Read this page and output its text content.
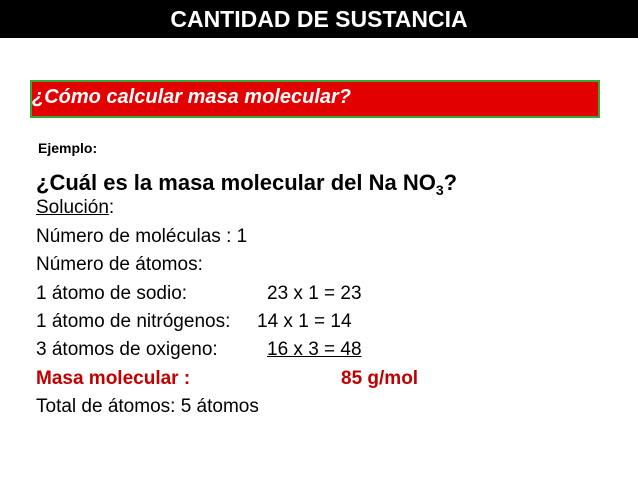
CANTIDAD DE SUSTANCIA
¿Cómo calcular masa molecular?
Ejemplo:
¿Cuál es la masa molecular del Na $NO_3$?
Solución:
Número de moléculas : 1
Número de átomos:
1 átomo de sodio:	23 x 1 = 23
1 átomo de nitrógenos: 14 x 1 = 14
3 átomos de oxigeno:	16 x 3 = 48
Masa molecular :	85 g/mol
Total de átomos: 5 átomos
